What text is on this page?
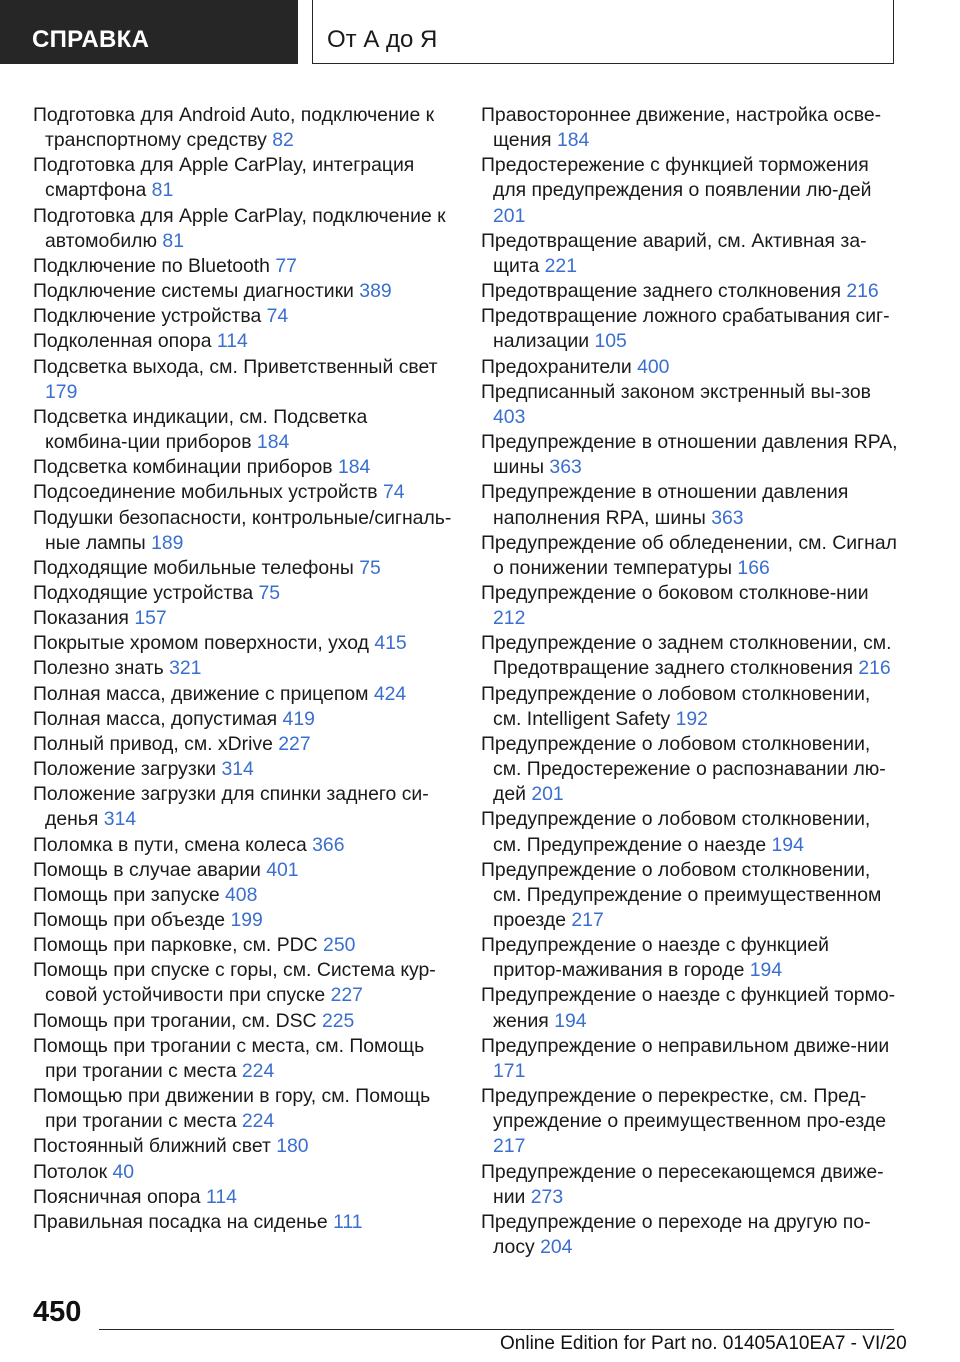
СПРАВКА	От А до Я
Подготовка для Android Auto, подключение к транспортному средству 82
Подготовка для Apple CarPlay, интеграция смартфона 81
Подготовка для Apple CarPlay, подключение к автомобилю 81
Подключение по Bluetooth 77
Подключение системы диагностики 389
Подключение устройства 74
Подколенная опора 114
Подсветка выхода, см. Приветственный свет 179
Подсветка индикации, см. Подсветка комбина-ции приборов 184
Подсветка комбинации приборов 184
Подсоединение мобильных устройств 74
Подушки безопасности, контрольные/сигналь-ные лампы 189
Подходящие мобильные телефоны 75
Подходящие устройства 75
Показания 157
Покрытые хромом поверхности, уход 415
Полезно знать 321
Полная масса, движение с прицепом 424
Полная масса, допустимая 419
Полный привод, см. xDrive 227
Положение загрузки 314
Положение загрузки для спинки заднего си-денья 314
Поломка в пути, смена колеса 366
Помощь в случае аварии 401
Помощь при запуске 408
Помощь при объезде 199
Помощь при парковке, см. PDC 250
Помощь при спуске с горы, см. Система кур-совой устойчивости при спуске 227
Помощь при трогании, см. DSC 225
Помощь при трогании с места, см. Помощь при трогании с места 224
Помощью при движении в гору, см. Помощь при трогании с места 224
Постоянный ближний свет 180
Потолок 40
Поясничная опора 114
Правильная посадка на сиденье 111
Правостороннее движение, настройка осве-щения 184
Предостережение с функцией торможения для предупреждения о появлении лю-дей 201
Предотвращение аварий, см. Активная за-щита 221
Предотвращение заднего столкновения 216
Предотвращение ложного срабатывания сиг-нализации 105
Предохранители 400
Предписанный законом экстренный вы-зов 403
Предупреждение в отношении давления RPA, шины 363
Предупреждение в отношении давления наполнения RPA, шины 363
Предупреждение об обледенении, см. Сигнал о понижении температуры 166
Предупреждение о боковом столкнове-нии 212
Предупреждение о заднем столкновении, см. Предотвращение заднего столкновения 216
Предупреждение о лобовом столкновении, см. Intelligent Safety 192
Предупреждение о лобовом столкновении, см. Предостережение о распознавании лю-дей 201
Предупреждение о лобовом столкновении, см. Предупреждение о наезде 194
Предупреждение о лобовом столкновении, см. Предупреждение о преимущественном проезде 217
Предупреждение о наезде с функцией притор-маживания в городе 194
Предупреждение о наезде с функцией тормо-жения 194
Предупреждение о неправильном движе-нии 171
Предупреждение о перекрестке, см. Пред-упреждение о преимущественном про-езде 217
Предупреждение о пересекающемся движе-нии 273
Предупреждение о переходе на другую по-лосу 204
450
Online Edition for Part no. 01405A10EA7 - VI/20
